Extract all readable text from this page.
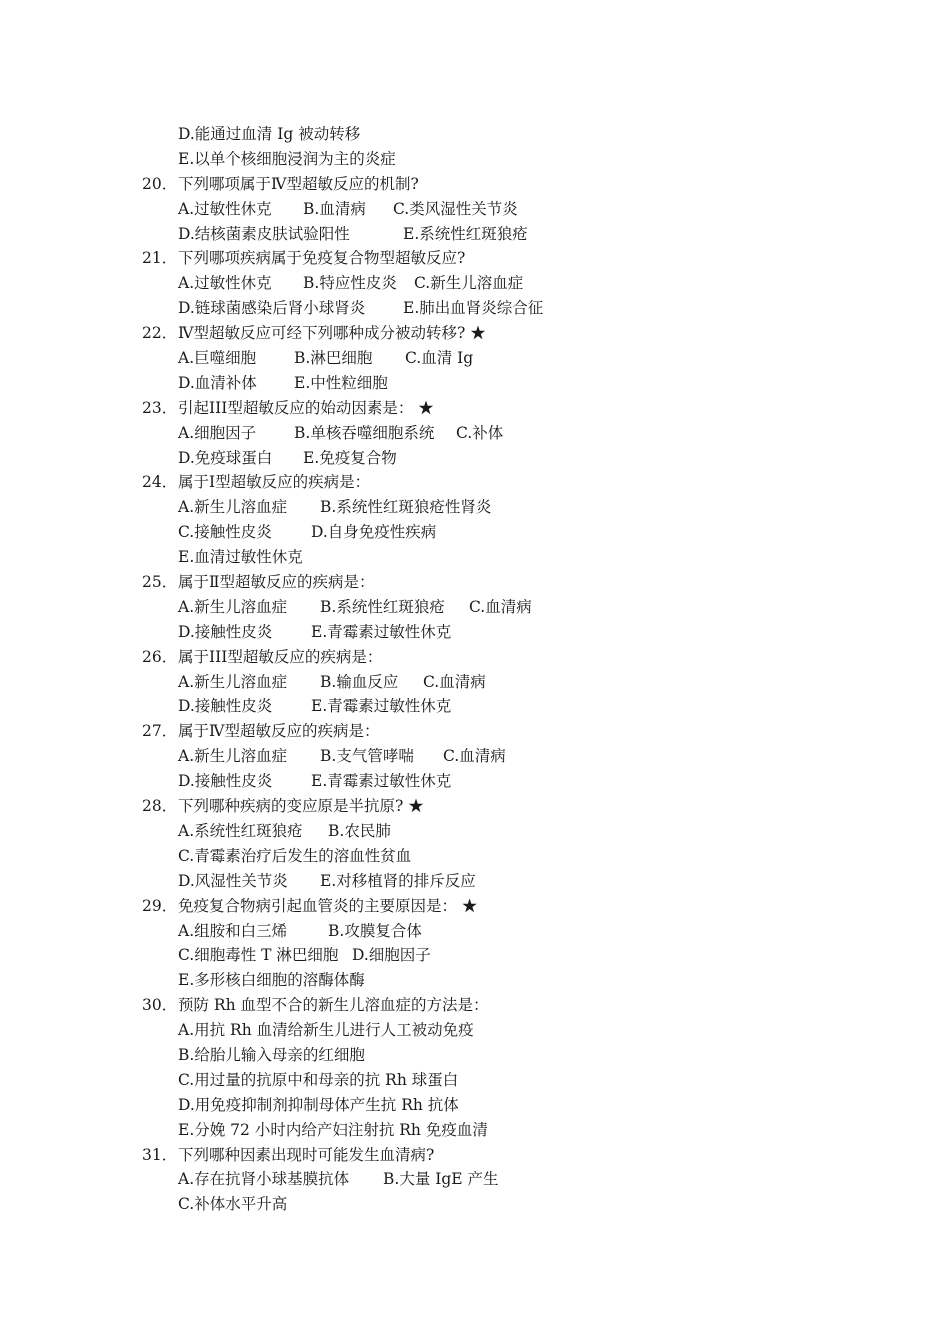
D.能通过血清 Ig 被动转移
E.以单个核细胞浸润为主的炎症
20． 下列哪项属于Ⅳ型超敏反应的机制?
A.过敏性休克 B.血清病 C.类风湿性关节炎
D.结核菌素皮肤试验阳性	E.系统性红斑狼疮
21． 下列哪项疾病属于免疫复合物型超敏反应?
A.过敏性休克 B.特应性皮炎 C.新生儿溶血症
D.链球菌感染后肾小球肾炎 E.肺出血肾炎综合征
22． Ⅳ型超敏反应可经下列哪种成分被动转移? ★
A.巨噬细胞 B.淋巴细胞 C.血清 Ig
D.血清补体 E.中性粒细胞
23． 引起III型超敏反应的始动因素是： ★
A.细胞因子 B.单核吞噬细胞系统 C.补体
D.免疫球蛋白 E.免疫复合物
24． 属于Ⅰ型超敏反应的疾病是：
A.新生儿溶血症 B.系统性红斑狼疮性肾炎
C.接触性皮炎	D.自身免疫性疾病
E.血清过敏性休克
25． 属于Ⅱ型超敏反应的疾病是：
A.新生儿溶血症 B.系统性红斑狼疮 C.血清病
D.接触性皮炎 E.青霉素过敏性休克
26． 属于III型超敏反应的疾病是：
A.新生儿溶血症 B.输血反应 C.血清病
D.接触性皮炎 E.青霉素过敏性休克
27． 属于Ⅳ型超敏反应的疾病是：
A.新生儿溶血症 B.支气管哮喘 C.血清病
D.接触性皮炎 E.青霉素过敏性休克
28． 下列哪种疾病的变应原是半抗原? ★
A.系统性红斑狼疮 B.农民肺
C.青霉素治疗后发生的溶血性贫血
D.风湿性关节炎 E.对移植肾的排斥反应
29． 免疫复合物病引起血管炎的主要原因是： ★
A.组胺和白三烯	B.攻膜复合体
C.细胞毒性 T 淋巴细胞 D.细胞因子
E.多形核白细胞的溶酶体酶
30． 预防 Rh 血型不合的新生儿溶血症的方法是：
A.用抗 Rh 血清给新生儿进行人工被动免疫
B.给胎儿输入母亲的红细胞
C.用过量的抗原中和母亲的抗 Rh 球蛋白
D.用免疫抑制剂抑制母体产生抗 Rh 抗体
E.分娩 72 小时内给产妇注射抗 Rh 免疫血清
31． 下列哪种因素出现时可能发生血清病?
A.存在抗肾小球基膜抗体 B.大量 IgE 产生
C.补体水平升高
